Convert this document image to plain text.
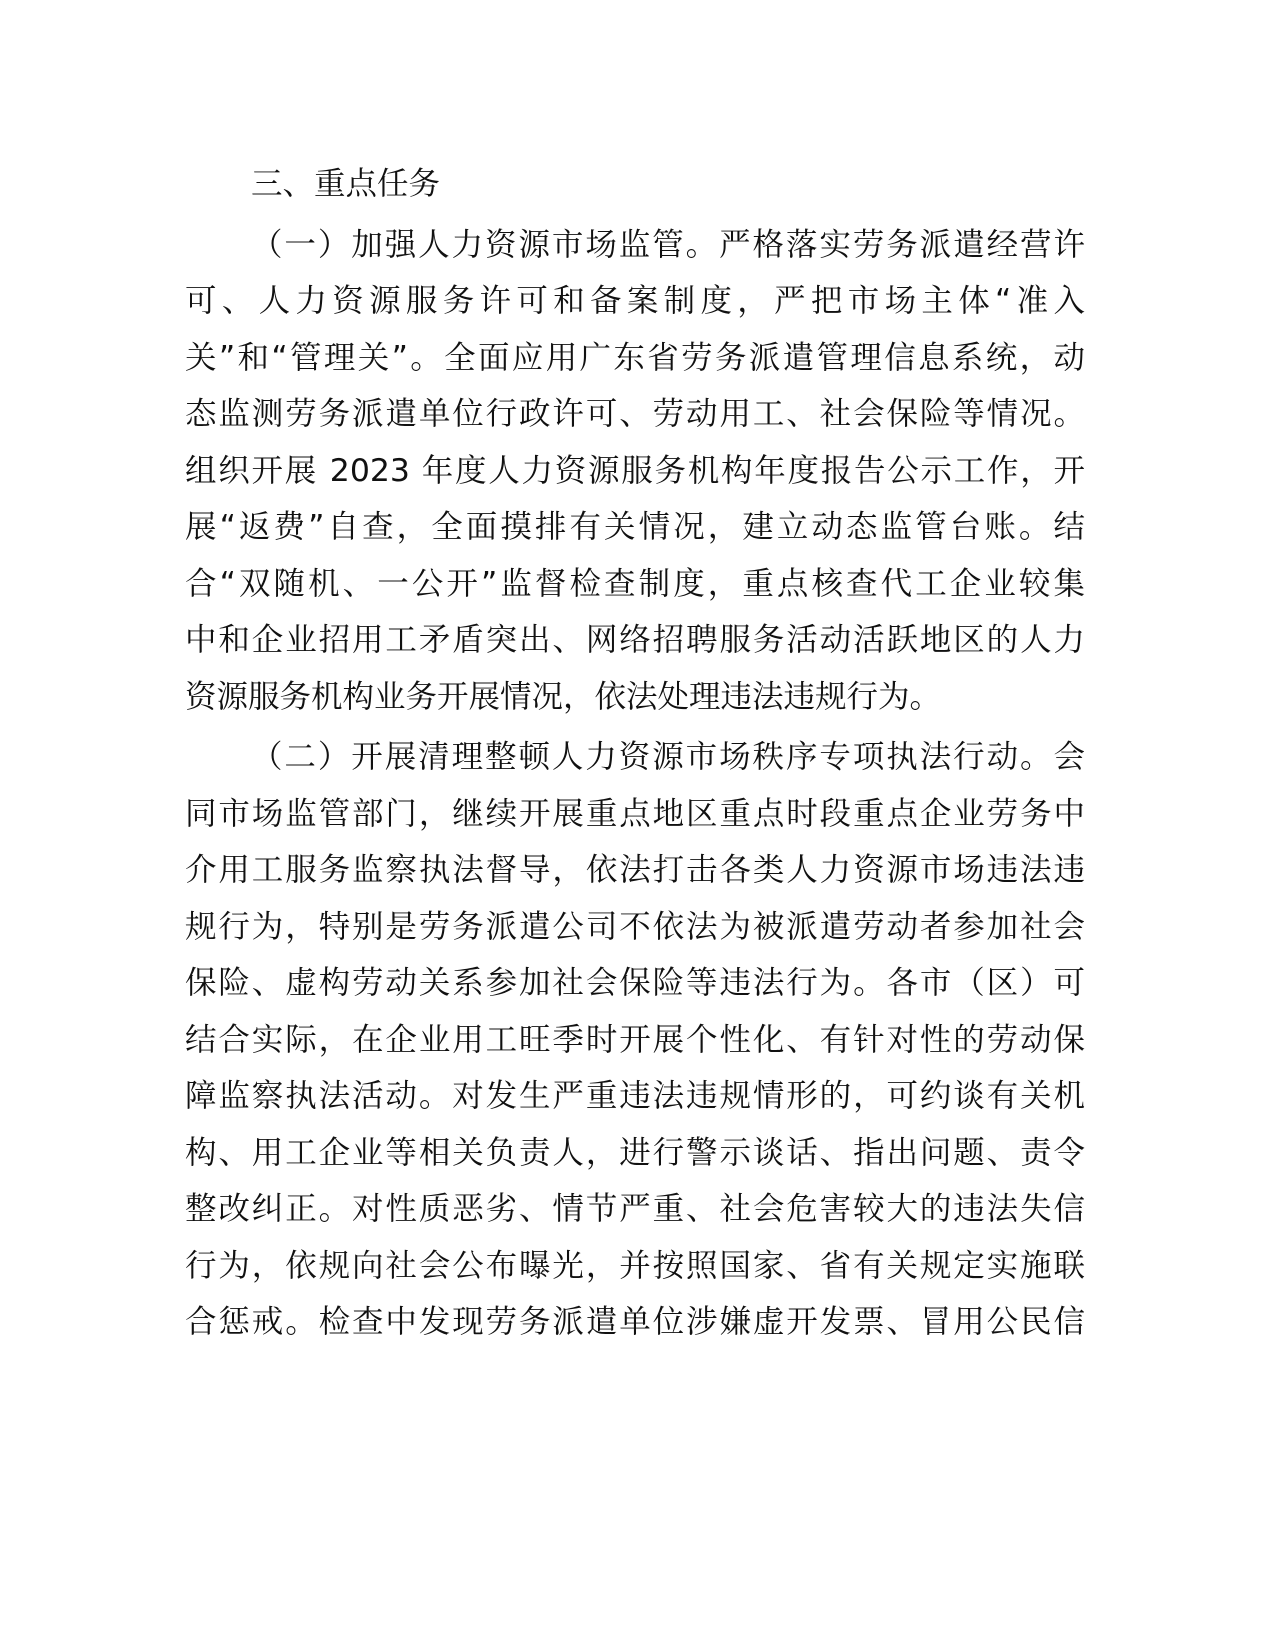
三、重点任务
（一）加强人力资源市场监管。严格落实劳务派遣经营许
可、人力资源服务许可和备案制度，严把市场主体“准入
关”和“管理关”。全面应用广东省劳务派遣管理信息系统，动
态监测劳务派遣单位行政许可、劳动用工、社会保险等情况。
组织开展 2023 年度人力资源服务机构年度报告公示工作，开
展“返费”自查，全面摸排有关情况，建立动态监管台账。结
合“双随机、一公开”监督检查制度，重点核查代工企业较集
中和企业招用工矛盾突出、网络招聘服务活动活跃地区的人力
资源服务机构业务开展情况，依法处理违法违规行为。
（二）开展清理整顿人力资源市场秩序专项执法行动。会
同市场监管部门，继续开展重点地区重点时段重点企业劳务中
介用工服务监察执法督导，依法打击各类人力资源市场违法违
规行为，特别是劳务派遣公司不依法为被派遣劳动者参加社会
保险、虚构劳动关系参加社会保险等违法行为。各市（区）可
结合实际，在企业用工旺季时开展个性化、有针对性的劳动保
障监察执法活动。对发生严重违法违规情形的，可约谈有关机
构、用工企业等相关负责人，进行警示谈话、指出问题、责令
整改纠正。对性质恶劣、情节严重、社会危害较大的违法失信
行为，依规向社会公布曝光，并按照国家、省有关规定实施联
合惩戒。检查中发现劳务派遣单位涉嫌虚开发票、冒用公民信
